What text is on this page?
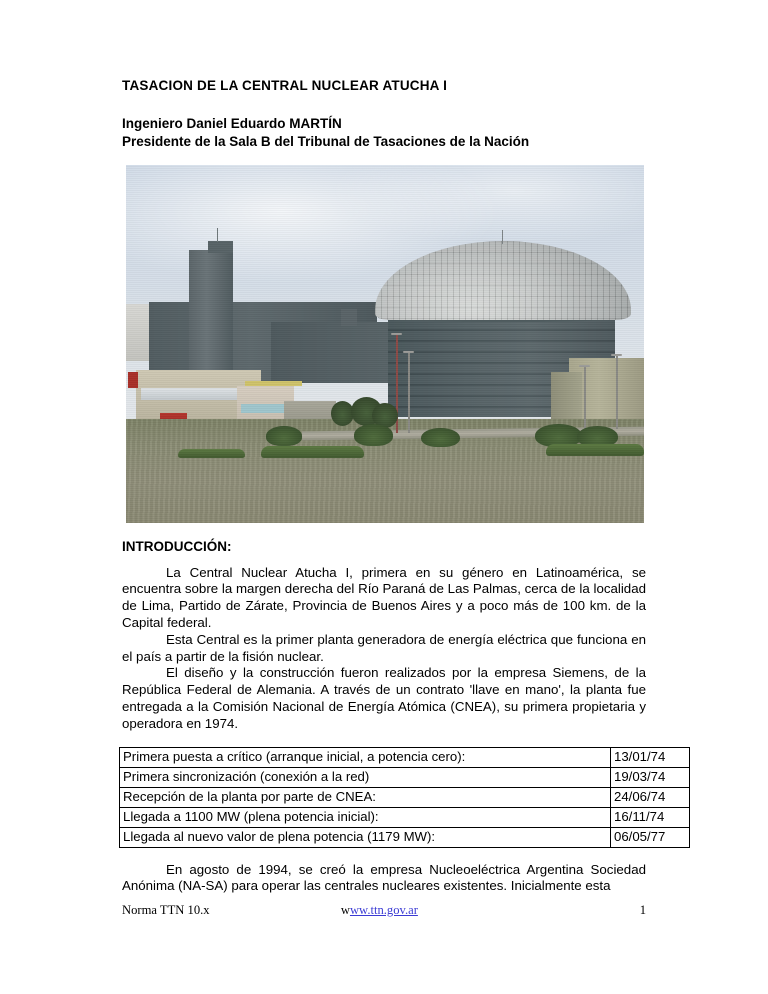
TASACION DE LA CENTRAL NUCLEAR ATUCHA I
Ingeniero Daniel Eduardo MARTÍN
Presidente de la Sala B del Tribunal de Tasaciones de la Nación
INTRODUCCIÓN:

La Central Nuclear Atucha I, primera en su género en Latinoamérica, se encuentra sobre la margen derecha del Río Paraná de Las Palmas, cerca de la localidad de Lima, Partido de Zárate, Provincia de Buenos Aires y a poco más de 100 km. de la Capital federal.

Esta Central es la primer planta generadora de energía eléctrica que funciona en el país a partir de la fisión nuclear.

El diseño y la construcción fueron realizados por la empresa Siemens, de la República Federal de Alemania. A través de un contrato 'llave en mano', la planta fue entregada a la Comisión Nacional de Energía Atómica (CNEA), su primera propietaria y operadora en 1974.

Primera puesta a crítico (arranque inicial, a potencia cero):	13/01/74
Primera sincronización (conexión a la red)	19/03/74
Recepción de la planta por parte de CNEA:	24/06/74
Llegada a 1100 MW (plena potencia inicial):	16/11/74
Llegada al nuevo valor de plena potencia (1179 MW):	06/05/77

En agosto de 1994, se creó la empresa Nucleoeléctrica Argentina Sociedad Anónima (NA-SA) para operar las centrales nucleares existentes. Inicialmente esta

Norma TTN 10.x	www.ttn.gov.ar	1
